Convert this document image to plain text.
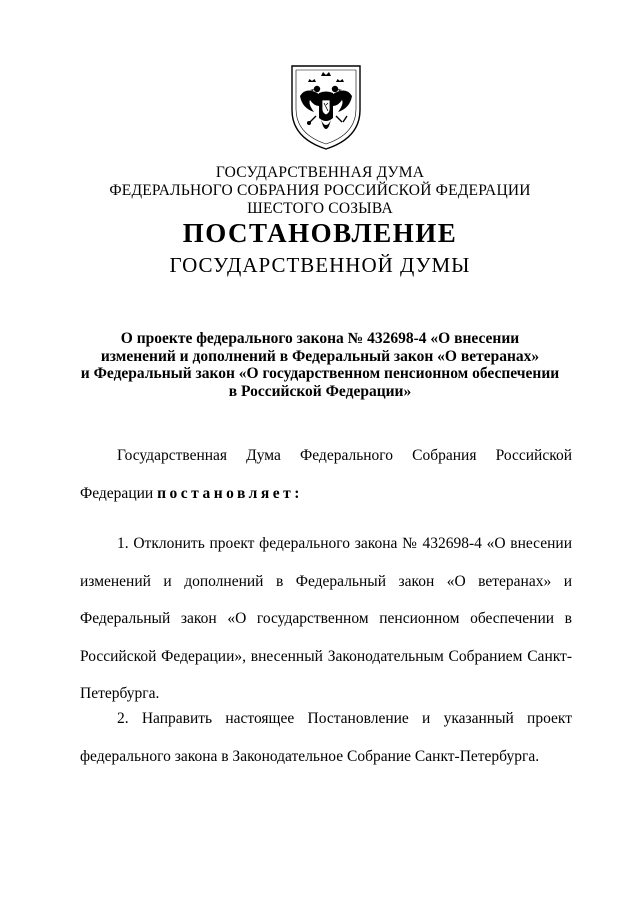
ГОСУДАРСТВЕННАЯ ДУМА
ФЕДЕРАЛЬНОГО СОБРАНИЯ РОССИЙСКОЙ ФЕДЕРАЦИИ
ШЕСТОГО СОЗЫВА
ПОСТАНОВЛЕНИЕ
ГОСУДАРСТВЕННОЙ ДУМЫ
О проекте федерального закона № 432698-4 «О внесении
изменений и дополнений в Федеральный закон «О ветеранах»
и Федеральный закон «О государственном пенсионном обеспечении
в Российской Федерации»
Государственная Дума Федерального Собрания Российской
Федерации постановляет:
1. Отклонить проект федерального закона № 432698-4 «О внесении
изменений и дополнений в Федеральный закон «О ветеранах» и
Федеральный закон «О государственном пенсионном обеспечении в
Российской Федерации», внесенный Законодательным Собранием Санкт-
Петербурга.
2. Направить настоящее Постановление и указанный проект
федерального закона в Законодательное Собрание Санкт-Петербурга.
